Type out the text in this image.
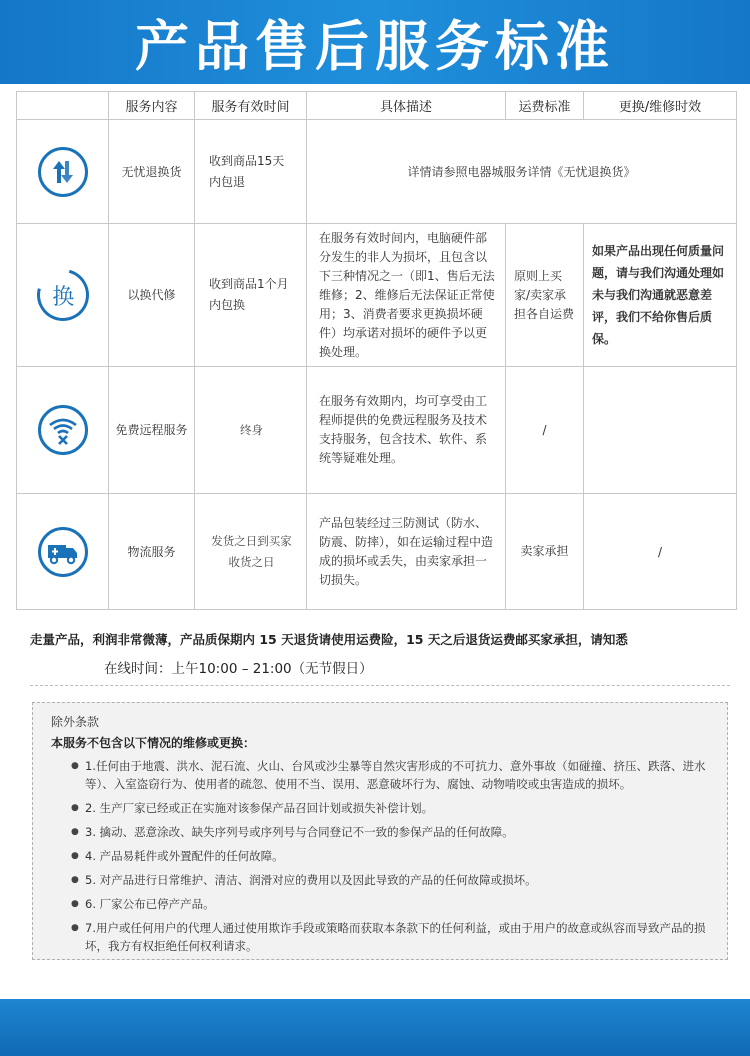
产品售后服务标准
	服务内容	服务有效时间	具体描述	运费标准	更换/维修时效

	无忧退换货	收到商品15天内包退	详情请参照电器城服务详情《无忧退换货》		

换	以换代修	收到商品1个月内包换	在服务有效时间内，电脑硬件部分发生的非人为损坏，且包含以下三种情况之一（即1、售后无法维修；2、维修后无法保证正常使用；3、消费者要求更换损坏硬件）均承诺对损坏的硬件予以更换处理。	原则上买家/卖家承担各自运费	如果产品出现任何质量问题，请与我们沟通处理如未与我们沟通就恶意差评，我们不给你售后质保。

	免费远程服务	终身	在服务有效期内，均可享受由工程师提供的免费远程服务及技术支持服务，包含技术、软件、系统等疑难处理。	/	

	物流服务	发货之日到买家收货之日	产品包装经过三防测试（防水、防震、防摔），如在运输过程中造成的损坏或丢失，由卖家承担一切损失。	卖家承担	/
走量产品，利润非常微薄，产品质保期内 15 天退货请使用运费险，15 天之后退货运费邮买家承担，请知悉
在线时间：上午10:00 – 21:00（无节假日）
除外条款
本服务不包含以下情况的维修或更换：
● 1.任何由于地震、洪水、泥石流、火山、台风或沙尘暴等自然灾害形成的不可抗力、意外事故（如碰撞、挤压、跌落、进水等）、入室盗窃行为、使用者的疏忽、使用不当、误用、恶意破坏行为、腐蚀、动物啃咬或虫害造成的损坏。
● 2. 生产厂家已经或正在实施对该参保产品召回计划或损失补偿计划。
● 3. 擒动、恶意涂改、缺失序列号或序列号与合同登记不一致的参保产品的任何故障。
● 4. 产品易耗件或外置配件的任何故障。
● 5. 对产品进行日常维护、清洁、润滑对应的费用以及因此导致的产品的任何故障或损坏。
● 6. 厂家公布已停产产品。
● 7.用户或任何用户的代理人通过使用欺诈手段或策略而获取本条款下的任何利益，或由于用户的故意或纵容而导致产品的损坏，我方有权拒绝任何权利请求。
